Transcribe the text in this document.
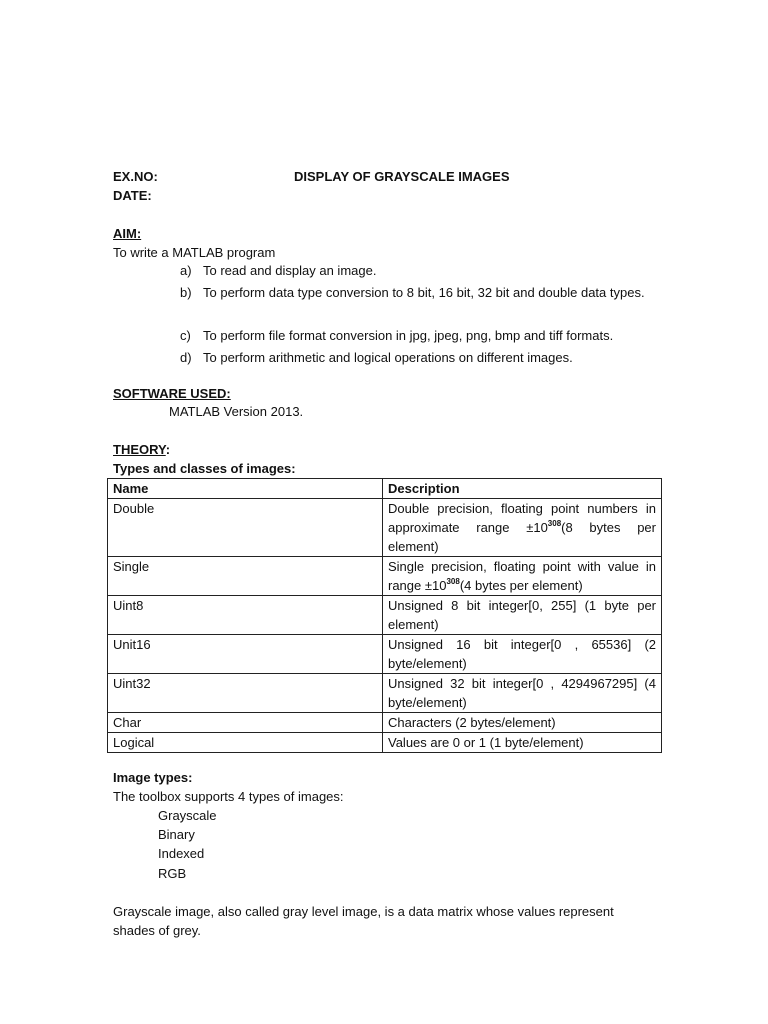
EX.NO:	DISPLAY OF GRAYSCALE IMAGES
DATE:
AIM:
To write a MATLAB program
a) To read and display an image.
b) To perform data type conversion to 8 bit, 16 bit, 32 bit and double data types.
c) To perform file format conversion in jpg, jpeg, png, bmp and tiff formats.
d) To perform arithmetic and logical operations on different images.
SOFTWARE USED:
MATLAB Version 2013.
THEORY:
Types and classes of images:
Name	Description
Double	Double precision, floating point numbers in approximate range $\pm 10^{308}(8$ bytes per element)
Single	Single precision, floating point with value in range $\pm 10^{308}(4$ bytes per element)
Uint8	Unsigned 8 bit integer[0, 255] (1 byte per element)
Unit16	Unsigned 16 bit integer[0 , 65536] (2 byte/element)
Uint32	Unsigned 32 bit integer[0 , 4294967295] (4 byte/element)
Char	Characters (2 bytes/element)
Logical	Values are 0 or 1 (1 byte/element)
Image types:
The toolbox supports 4 types of images:
Grayscale
Binary
Indexed
RGB
Grayscale image, also called gray level image, is a data matrix whose values represent
shades of grey.
